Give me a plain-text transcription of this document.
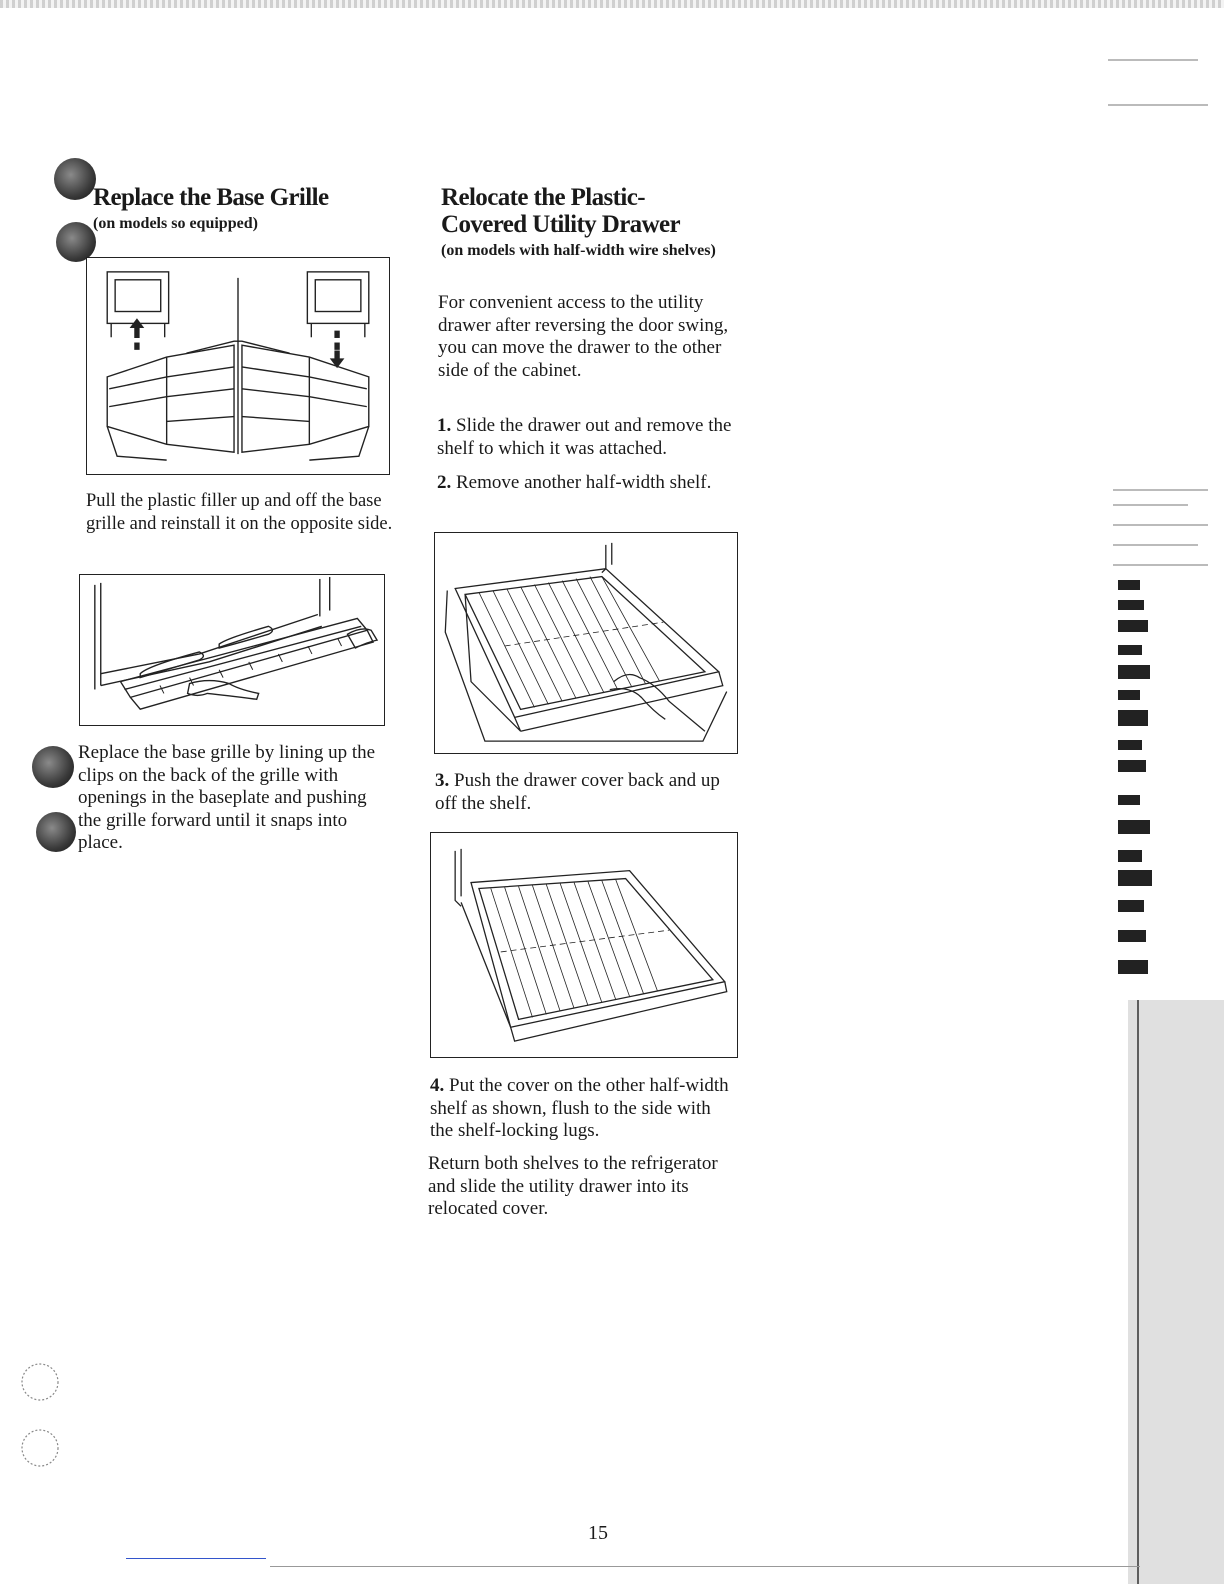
Replace the Base Grille
(on models so equipped)
Pull the plastic filler up and off the base grille and reinstall it on the opposite side.
Replace the base grille by lining up the clips on the back of the grille with openings in the baseplate and pushing the grille forward until it snaps into place.
Relocate the Plastic-
Covered Utility Drawer
(on models with half-width wire shelves)
For convenient access to the utility drawer after reversing the door swing, you can move the drawer to the other side of the cabinet.
1. Slide the drawer out and remove the shelf to which it was attached.
2. Remove another half-width shelf.
3. Push the drawer cover back and up off the shelf.
4. Put the cover on the other half-width shelf as shown, flush to the side with the shelf-locking lugs.
Return both shelves to the refrigerator and slide the utility drawer into its relocated cover.
15
